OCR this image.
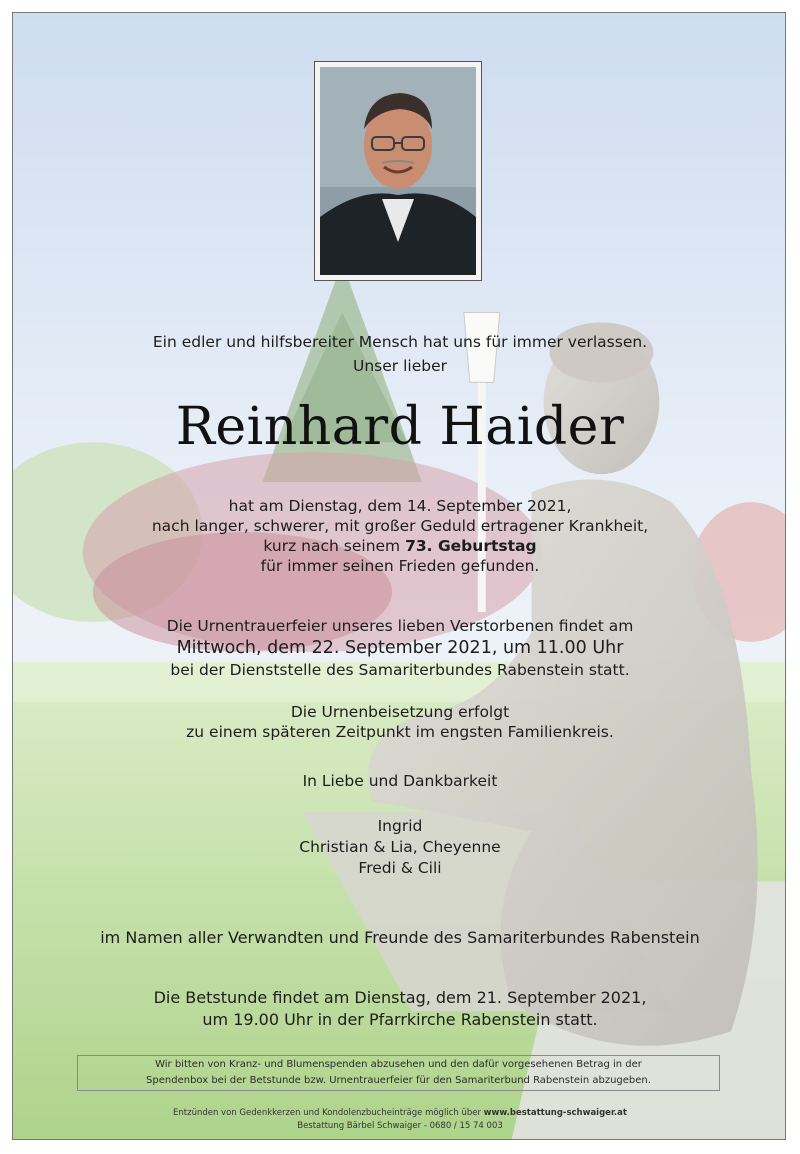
Ein edler und hilfsbereiter Mensch hat uns für immer verlassen.
Unser lieber
Reinhard Haider
hat am Dienstag, dem 14. September 2021,
nach langer, schwerer, mit großer Geduld ertragener Krankheit,
kurz nach seinem 73. Geburtstag
für immer seinen Frieden gefunden.
Die Urnentrauerfeier unseres lieben Verstorbenen findet am
Mittwoch, dem 22. September 2021, um 11.00 Uhr
bei der Dienststelle des Samariterbundes Rabenstein statt.
Die Urnenbeisetzung erfolgt
zu einem späteren Zeitpunkt im engsten Familienkreis.
In Liebe und Dankbarkeit
Ingrid
Christian & Lia, Cheyenne
Fredi & Cili
im Namen aller Verwandten und Freunde des Samariterbundes Rabenstein
Die Betstunde findet am Dienstag, dem 21. September 2021,
um 19.00 Uhr in der Pfarrkirche Rabenstein statt.
Wir bitten von Kranz- und Blumenspenden abzusehen und den dafür vorgesehenen Betrag in der
Spendenbox bei der Betstunde bzw. Urnentrauerfeier für den Samariterbund Rabenstein abzugeben.
Entzünden von Gedenkkerzen und Kondolenzbucheinträge möglich über www.bestattung-schwaiger.at
Bestattung Bärbel Schwaiger - 0680 / 15 74 003
